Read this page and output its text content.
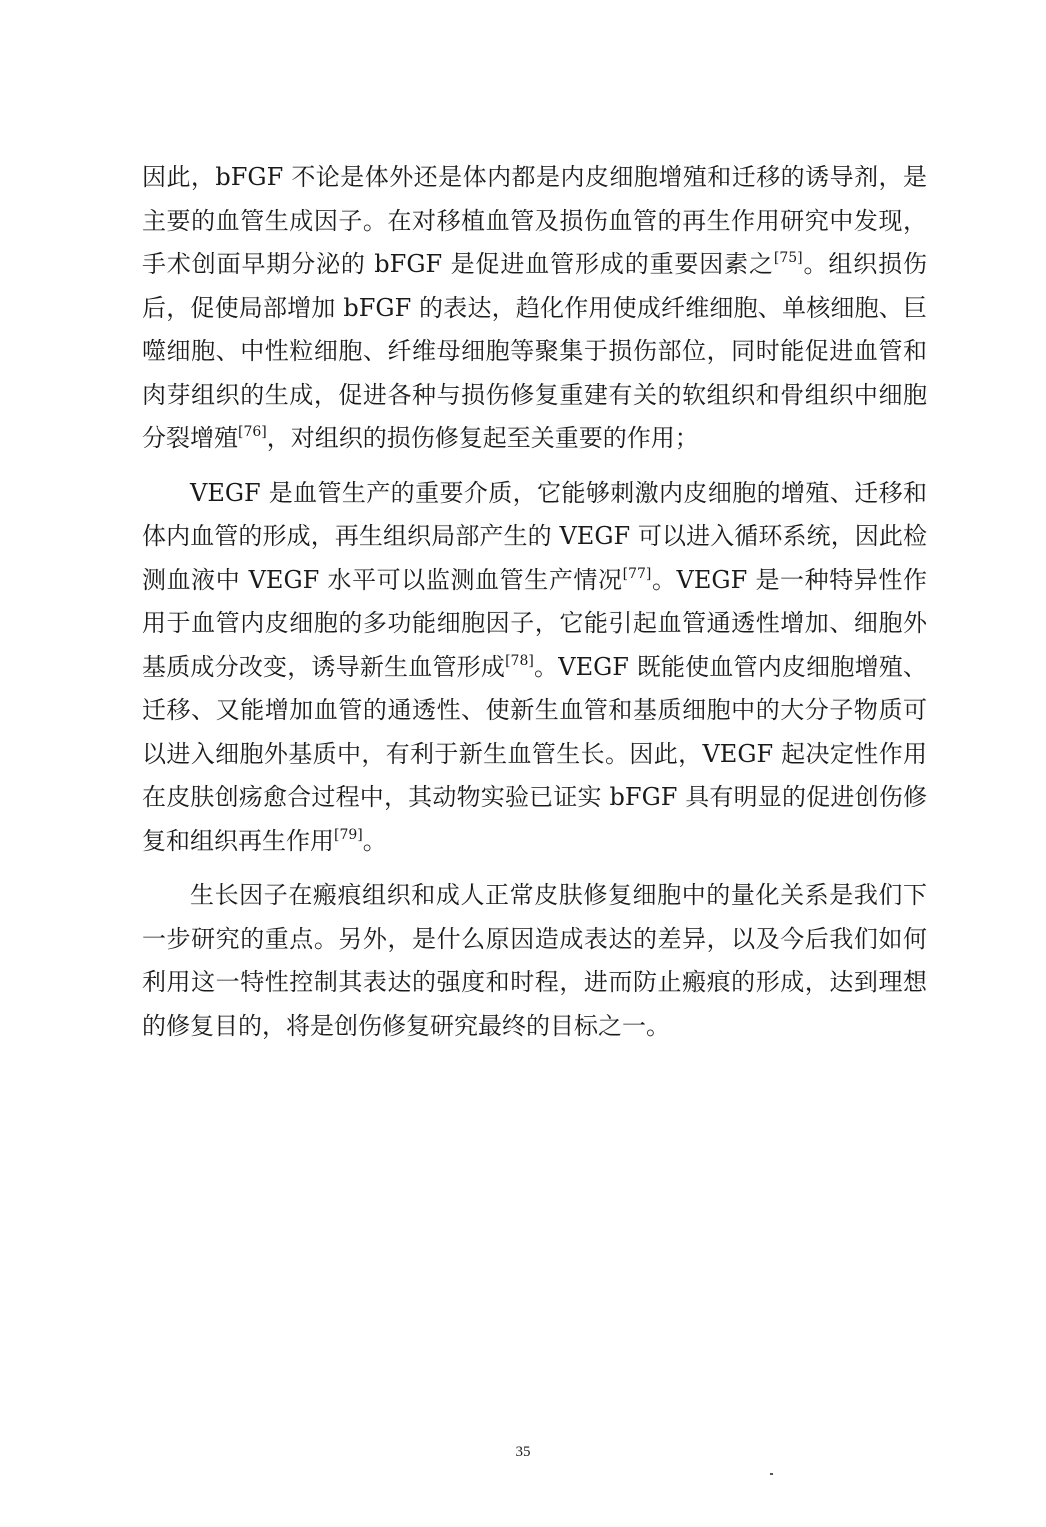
因此，bFGF 不论是体外还是体内都是内皮细胞增殖和迁移的诱导剂，是主要的血管生成因子。在对移植血管及损伤血管的再生作用研究中发现，手术创面早期分泌的 bFGF 是促进血管形成的重要因素之[75]。组织损伤后，促使局部增加 bFGF 的表达，趋化作用使成纤维细胞、单核细胞、巨噬细胞、中性粒细胞、纤维母细胞等聚集于损伤部位，同时能促进血管和肉芽组织的生成，促进各种与损伤修复重建有关的软组织和骨组织中细胞分裂增殖[76]，对组织的损伤修复起至关重要的作用；

VEGF 是血管生产的重要介质，它能够刺激内皮细胞的增殖、迁移和体内血管的形成，再生组织局部产生的 VEGF 可以进入循环系统，因此检测血液中 VEGF 水平可以监测血管生产情况[77]。VEGF 是一种特异性作用于血管内皮细胞的多功能细胞因子，它能引起血管通透性增加、细胞外基质成分改变，诱导新生血管形成[78]。VEGF 既能使血管内皮细胞增殖、迁移、又能增加血管的通透性、使新生血管和基质细胞中的大分子物质可以进入细胞外基质中，有利于新生血管生长。因此，VEGF 起决定性作用在皮肤创疡愈合过程中，其动物实验已证实 bFGF 具有明显的促进创伤修复和组织再生作用[79]。

生长因子在瘢痕组织和成人正常皮肤修复细胞中的量化关系是我们下一步研究的重点。另外，是什么原因造成表达的差异，以及今后我们如何利用这一特性控制其表达的强度和时程，进而防止瘢痕的形成，达到理想的修复目的，将是创伤修复研究最终的目标之一。

35
